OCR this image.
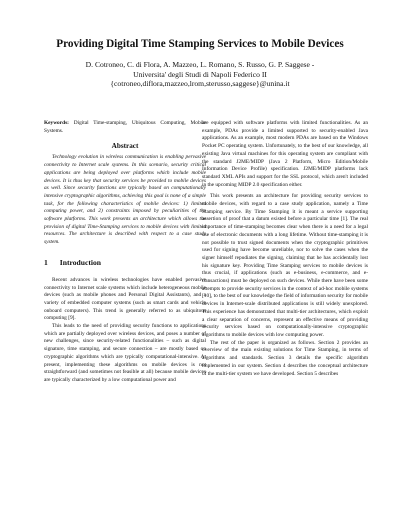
Providing Digital Time Stamping Services to Mobile Devices
D. Cotroneo, C. di Flora, A. Mazzeo, L. Romano, S. Russo, G. P. Saggese -
Universita' degli Studi di Napoli Federico II
{cotroneo,diflora,mazzeo,lrom,sterusso,saggese}@unina.it

Keywords: Digital Time-stamping, Ubiquitous Computing, Mobile Systems.

Abstract

Technology evolution in wireless communication is enabling pervasive connectivity to Internet scale systems. In this scenario, security critical applications are being deployed over platforms which include mobile devices. It is thus key that security services be provided to mobile devices as well. Since security functions are typically based on computationally intensive cryptographic algorithms, achieving this goal is none of a simple task, for the following characteristics of mobile devices: 1) limited computing power, and 2) constraints imposed by peculiarities of the software platforms. This work presents an architecture which allows the provision of digital Time-Stamping services to mobile devices with limited resources. The architecture is described with respect to a case study system.

1 Introduction

Recent advances in wireless technologies have enabled pervasive connectivity to Internet scale systems which include heterogeneous mobile devices (such as mobile phones and Personal Digital Assistants), and a variety of embedded computer systems (such as smart cards and vehicle onboard computers). This trend is generally referred to as ubiquitous computing [9].

This leads to the need of providing security functions to applications which are partially deployed over wireless devices, and poses a number of new challenges, since security-related functionalities – such as digital signature, time stamping, and secure connection – are mostly based on cryptographic algorithms which are typically computational-intensive. At present, implementing these algorithms on mobile devices is not straightforward (and sometimes not feasible at all) because mobile devices are typically characterized by a low computational power and

are equipped with software platforms with limited functionalities. As an example, PDAs provide a limited supported to security-enabled Java applications. As an example, most modern PDAs are based on the Windows Pocket PC operating system. Unfortunately, to the best of our knowledge, all existing Java virtual machines for this operating system are compliant with the standard J2ME/MIDP (Java 2 Platform, Micro Edition/Mobile Information Device Profile) specification. J2ME/MIDP platforms lack standard XML APIs and support for the SSL protocol, which aren't included in the upcoming MIDP 2.0 specification either.

This work presents an architecture for providing security services to mobile devices, with regard to a case study application, namely a Time Stamping service. By Time Stamping it is meant a service supporting assertion of proof that a datum existed before a particular time [1]. The real importance of time-stamping becomes clear when there is a need for a legal use of electronic documents with a long lifetime. Without time-stamping it is not possible to trust signed documents when the cryptographic primitives used for signing have become unreliable, nor to solve the cases when the signer himself repudiates the signing, claiming that he has accidentally lost his signature key. Providing Time Stamping services to mobile devices is thus crucial, if applications (such as e-business, e-commerce, and e-transactions) must be deployed on such devices. While there have been some attempts to provide security services in the context of ad-hoc mobile systems [10], to the best of our knowledge the field of information security for mobile devices in Internet-scale distributed applications is still widely unexplored. This experience has demonstrated that multi-tier architectures, which exploit a clear separation of concerns, represent an effective means of providing security services based on computationally-intensive cryptographic algorithms to mobile devices with low computing power.

The rest of the paper is organized as follows. Section 2 provides an overview of the main existing solutions for Time Stamping, in terms of algorithms and standards. Section 3 details the specific algorithm implemented in our system. Section 4 describes the conceptual architecture of the multi-tier system we have developed. Section 5 describes
